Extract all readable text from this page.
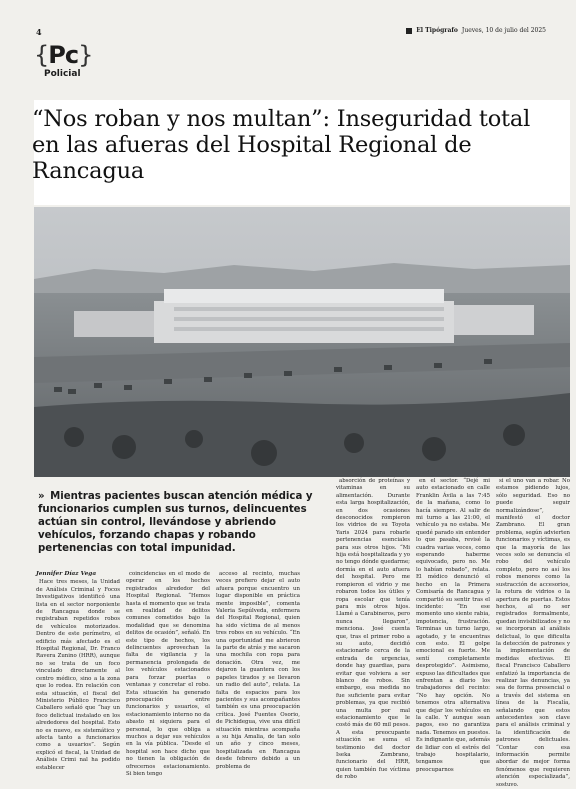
4	El Tipógrafo Jueves, 10 de julio del 2025
{Pc}
Policial
“Nos roban y nos multan”: Inseguridad total en las afueras del Hospital Regional de Rancagua
» Mientras pacientes buscan atención médica y funcionarios cumplen sus turnos, delincuentes actúan sin control, llevándose y abriendo vehículos, forzando chapas y robando pertenencias con total impunidad.
Jennifer Díaz Vega

Hace tres meses, la Unidad de Análisis Criminal y Focos Investigativos identificó una lista en el sector norponiente de Rancagua donde se registraban repetidos robos de vehículos motorizados. Dentro de este perímetro, el edificio más afectado es el Hospital Regional, Dr. Franco Ravera Zunino (HRR), aunque no se trata de un foco vinculado directamente al centro médico, sino a la zona que lo rodea. En relación con esta situación, el fiscal del Ministerio Público Francisco Caballero señaló que “hay un foco delictual instalado en los alrededores del hospital. Esto no es nuevo, es sistemático y afecta tanto a funcionarios como a usuarios”. Según explicó el fiscal, la Unidad de Análisis Crimi nal ha podido establecer

coincidencias en el modo de operar en los hechos registrados alrededor del Hospital Regional. “Hemos hasta el momento que se trata en realidad de delitos comunes cometidos bajo la modalidad que se denomina delitos de ocasión”, señaló. En este tipo de hechos, los delincuentes aprovechan la falta de vigilancia y la permanencia prolongada de los vehículos estacionados para forzar puertas o ventanas y concretar el robo. Esta situación ha generado preocupación entre funcionarios y usuarios, el estacionamiento interno no da abasto ni siquiera para el personal, lo que obliga a muchos a dejar sus vehículos en la vía pública. “Desde el hospital son hace dicho que no tienen la obligación de ofrecernos estacionamiento. Si bien tengo

acceso al recinto, muchas veces prefiero dejar el auto afuera porque encuentro un lugar disponible en práctica mente imposible”, comenta Valeria Sepúlveda, enfermera del Hospital Regional, quien ha sido víctima de al menos tres robos en su vehículo. “En una oportunidad me abrieron la parte de atrás y me sacaron una mochila con ropa para donación. Otra vez, me dejaron la guantera con los papeles tirados y se llevaron un radio del auto”, relata. La falta de espacios para los pacientes y sus acompañantes también es una preocupación crítica. José Fuentes Osorio, de Pichidegua, vive una difícil situación mientras acompaña a su hija Amalia, de tan solo un año y cinco meses, hospitalizada en Rancagua desde febrero debido a un problema de

absorción de proteínas y vitaminas en su alimentación. Durante esta larga hospitalización, en dos ocasiones desconocidos rompieron los vidrios de su Toyota Yaris 2024 para robarle pertenencias esenciales para sus otros hijos. “Mi hija está hospitalizada y yo no tengo dónde quedarme; dormía en el auto afuera del hospital. Pero me rompieron el vidrio y me robaron todos los útiles y ropa escolar que tenía para mis otros hijos. Llamé a Carabineros, pero nunca llegaron”, menciona. José cuenta que, tras el primer robo a su auto, decidió estacionarlo cerca de la entrada de urgencias, donde hay guardias, para evitar que volviera a ser blanco de robos. Sin embargo, esa medida no fue suficiente para evitar problemas, ya que recibió una multa por mal estacionamiento que le costó más de 60 mil pesos. A esta preocupante situación se suma el testimonio del doctor Iseka Zambrano, funcionario del HRR, quien también fue víctima de robo

en el sector. “Dejé mi auto estacionado en calle Franklin Ávila a las 7:45 de la mañana, como lo hacía siempre. Al salir de mi turno a las 21:00, el vehículo ya no estaba. Me quedé parado sin entender lo que pasaba, revisé la cuadra varias veces, como esperando haberme equivocado, pero no. Me lo habían robado”, relata. El médico denunció el hecho en la Primera Comisaría de Rancagua y compartió su sentir tras el incidente: “En ese momento uno siente rabia, impotencia, frustración. Terminas un turno largo, agotado, y te encuentras con esto. El golpe emocional es fuerte. Me sentí completamente desprotegido”. Asimismo, expuso las dificultades que enfrentan a diario los trabajadores del recinto: “No hay opción. No tenemos otra alternativa que dejar los vehículos en la calle. Y aunque sean pagos, eso no garantiza nada. Tenemos en puestos. Es indignante que, además de lidiar con el estrés del trabajo hospitalario, tengamos que preocuparnos

si el uno van a robar. No estamos pidiendo lujos, sólo seguridad. Eso no puede seguir normalizándose”, manifestó el doctor Zambrano. El gran problema, según advierten funcionarios y víctimas, es que la mayoría de las veces solo se denuncia el robo del vehículo completo, pero no así los robos menores como la sustracción de accesorios, la rotura de vidrios o la apertura de puertas. Estos hechos, al no ser registrados formalmente, quedan invisibilizados y no se incorporan al análisis delictual, lo que dificulta la detección de patrones y la implementación de medidas efectivas. El fiscal Francisco Caballero enfatizó la importancia de realizar las denuncias, ya sea de forma presencial o a través del sistema en línea de la Fiscalía, señalando que estos antecedentes son clave para el análisis criminal y la identificación de patrones delictuales. “Contar con esa información permite abordar de mejor forma fenómenos que requieren atención especializada”, sostuvo.
